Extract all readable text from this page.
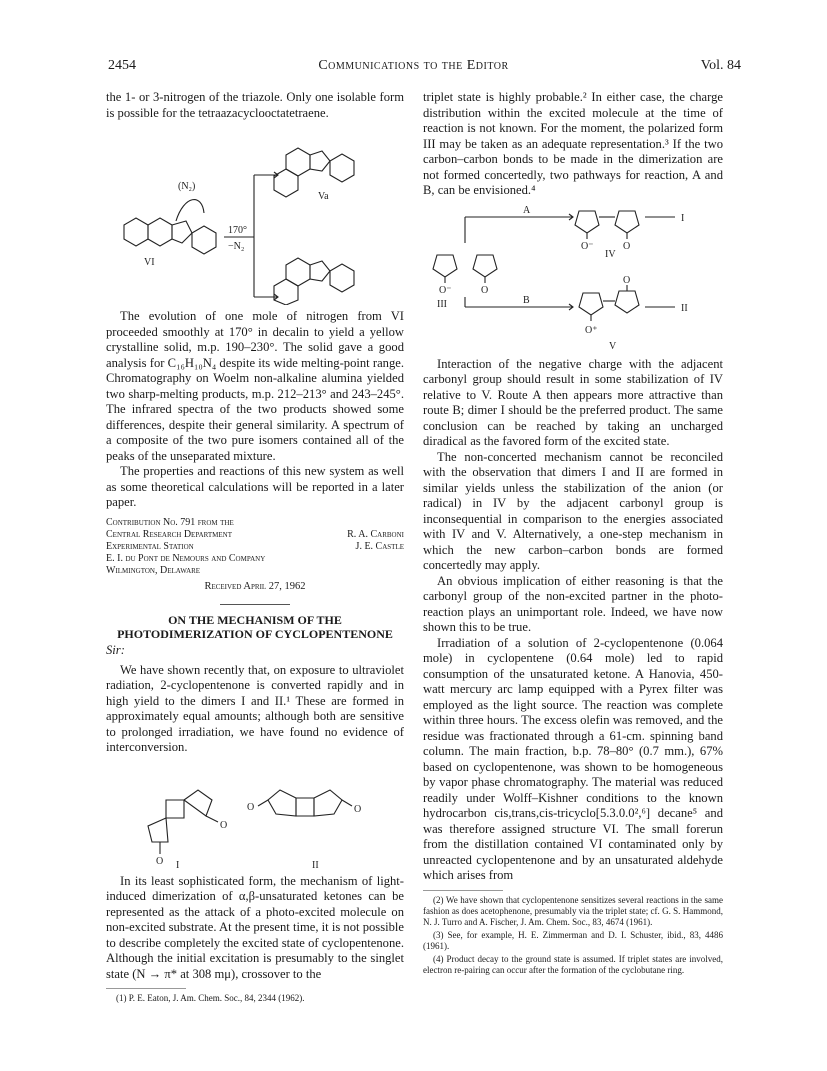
2454	Communications to the Editor	Vol. 84

the 1- or 3-nitrogen of the triazole. Only one isolable form is possible for the tetraazacyclooctatetraene.

(N₂)
170°
−N₂
VI
Va

The evolution of one mole of nitrogen from VI proceeded smoothly at 170° in decalin to yield a yellow crystalline solid, m.p. 190–230°. The solid gave a good analysis for C₁₆H₁₀N₄ despite its wide melting-point range. Chromatography on Woelm non-alkaline alumina yielded two sharp-melting products, m.p. 212–213° and 243–245°. The infrared spectra of the two products showed some differences, despite their general similarity. A spectrum of a composite of the two pure isomers contained all of the peaks of the unseparated mixture.

The properties and reactions of this new system as well as some theoretical calculations will be reported in a later paper.

Contribution No. 791 from the
Central Research Department	R. A. Carboni
Experimental Station	J. E. Castle
E. I. du Pont de Nemours and Company
Wilmington, Delaware
Received April 27, 1962
ON THE MECHANISM OF THE PHOTODIMERIZATION OF CYCLOPENTENONE

Sir:

We have shown recently that, on exposure to ultraviolet radiation, 2-cyclopentenone is converted rapidly and in high yield to the dimers I and II.¹ These are formed in approximately equal amounts; although both are sensitive to prolonged irradiation, we have found no evidence of interconversion.

O
O
O	O
I	II

In its least sophisticated form, the mechanism of light-induced dimerization of α,β-unsaturated ketones can be represented as the attack of a photo-excited molecule on non-excited substrate. At the present time, it is not possible to describe completely the excited state of cyclopentenone. Although the initial excitation is presumably to the singlet state (N → π* at 308 mμ), crossover to the

(1) P. E. Eaton, J. Am. Chem. Soc., 84, 2344 (1962).

triplet state is highly probable.² In either case, the charge distribution within the excited molecule at the time of reaction is not known. For the moment, the polarized form III may be taken as an adequate representation.³ If the two carbon–carbon bonds to be made in the dimerization are not formed concertedly, two pathways for reaction, A and B, can be envisioned.⁴

A
B
I
II
IV
III
V
O⁻	O
O⁻	O
O
O⁺

Interaction of the negative charge with the adjacent carbonyl group should result in some stabilization of IV relative to V. Route A then appears more attractive than route B; dimer I should be the preferred product. The same conclusion can be reached by taking an uncharged diradical as the favored form of the excited state.

The non-concerted mechanism cannot be reconciled with the observation that dimers I and II are formed in similar yields unless the stabilization of the anion (or radical) in IV by the adjacent carbonyl group is inconsequential in comparison to the energies associated with IV and V. Alternatively, a one-step mechanism in which the new carbon–carbon bonds are formed concertedly may apply.

An obvious implication of either reasoning is that the carbonyl group of the non-excited partner in the photo-reaction plays an unimportant role. Indeed, we have now shown this to be true.

Irradiation of a solution of 2-cyclopentenone (0.064 mole) in cyclopentene (0.64 mole) led to rapid consumption of the unsaturated ketone. A Hanovia, 450-watt mercury arc lamp equipped with a Pyrex filter was employed as the light source. The reaction was complete within three hours. The excess olefin was removed, and the residue was fractionated through a 61-cm. spinning band column. The main fraction, b.p. 78–80° (0.7 mm.), 67% based on cyclopentenone, was shown to be homogeneous by vapor phase chromatography. The material was reduced readily under Wolff–Kishner conditions to the known hydrocarbon cis,trans,cis-tricyclo[5.3.0.0²,⁶] decane⁵ and was therefore assigned structure VI. The small forerun from the distillation contained VI contaminated only by unreacted cyclopentenone and by an unsaturated aldehyde which arises from

(2) We have shown that cyclopentenone sensitizes several reactions in the same fashion as does acetophenone, presumably via the triplet state; cf. G. S. Hammond, N. J. Turro and A. Fischer, J. Am. Chem. Soc., 83, 4674 (1961).
(3) See, for example, H. E. Zimmerman and D. I. Schuster, ibid., 83, 4486 (1961).
(4) Product decay to the ground state is assumed. If triplet states are involved, electron re-pairing can occur after the formation of the cyclobutane ring.
